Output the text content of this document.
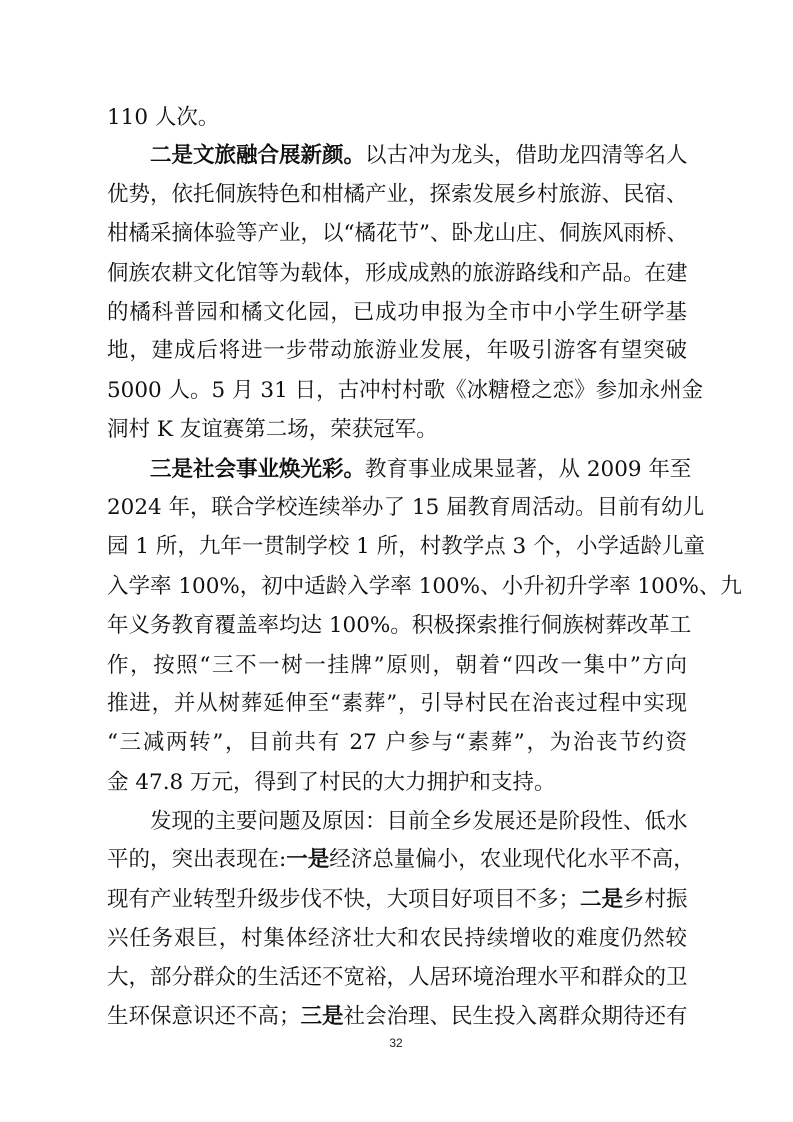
110 人次。
二是文旅融合展新颜。以古冲为龙头，借助龙四清等名人
优势，依托侗族特色和柑橘产业，探索发展乡村旅游、民宿、
柑橘采摘体验等产业，以“橘花节”、卧龙山庄、侗族风雨桥、
侗族农耕文化馆等为载体，形成成熟的旅游路线和产品。在建
的橘科普园和橘文化园，已成功申报为全市中小学生研学基
地，建成后将进一步带动旅游业发展，年吸引游客有望突破
5000 人。5 月 31 日，古冲村村歌《冰糖橙之恋》参加永州金
洞村 K 友谊赛第二场，荣获冠军。
三是社会事业焕光彩。教育事业成果显著，从 2009 年至
2024 年，联合学校连续举办了 15 届教育周活动。目前有幼儿
园 1 所，九年一贯制学校 1 所，村教学点 3 个，小学适龄儿童
入学率 100%，初中适龄入学率 100%、小升初升学率 100%、九
年义务教育覆盖率均达 100%。积极探索推行侗族树葬改革工
作，按照“三不一树一挂牌”原则，朝着“四改一集中”方向
推进，并从树葬延伸至“素葬”，引导村民在治丧过程中实现
“三减两转”，目前共有 27 户参与“素葬”，为治丧节约资
金 47.8 万元，得到了村民的大力拥护和支持。
发现的主要问题及原因：目前全乡发展还是阶段性、低水
平的，突出表现在:一是经济总量偏小，农业现代化水平不高，
现有产业转型升级步伐不快，大项目好项目不多；二是乡村振
兴任务艰巨，村集体经济壮大和农民持续增收的难度仍然较
大，部分群众的生活还不宽裕，人居环境治理水平和群众的卫
生环保意识还不高；三是社会治理、民生投入离群众期待还有
32
